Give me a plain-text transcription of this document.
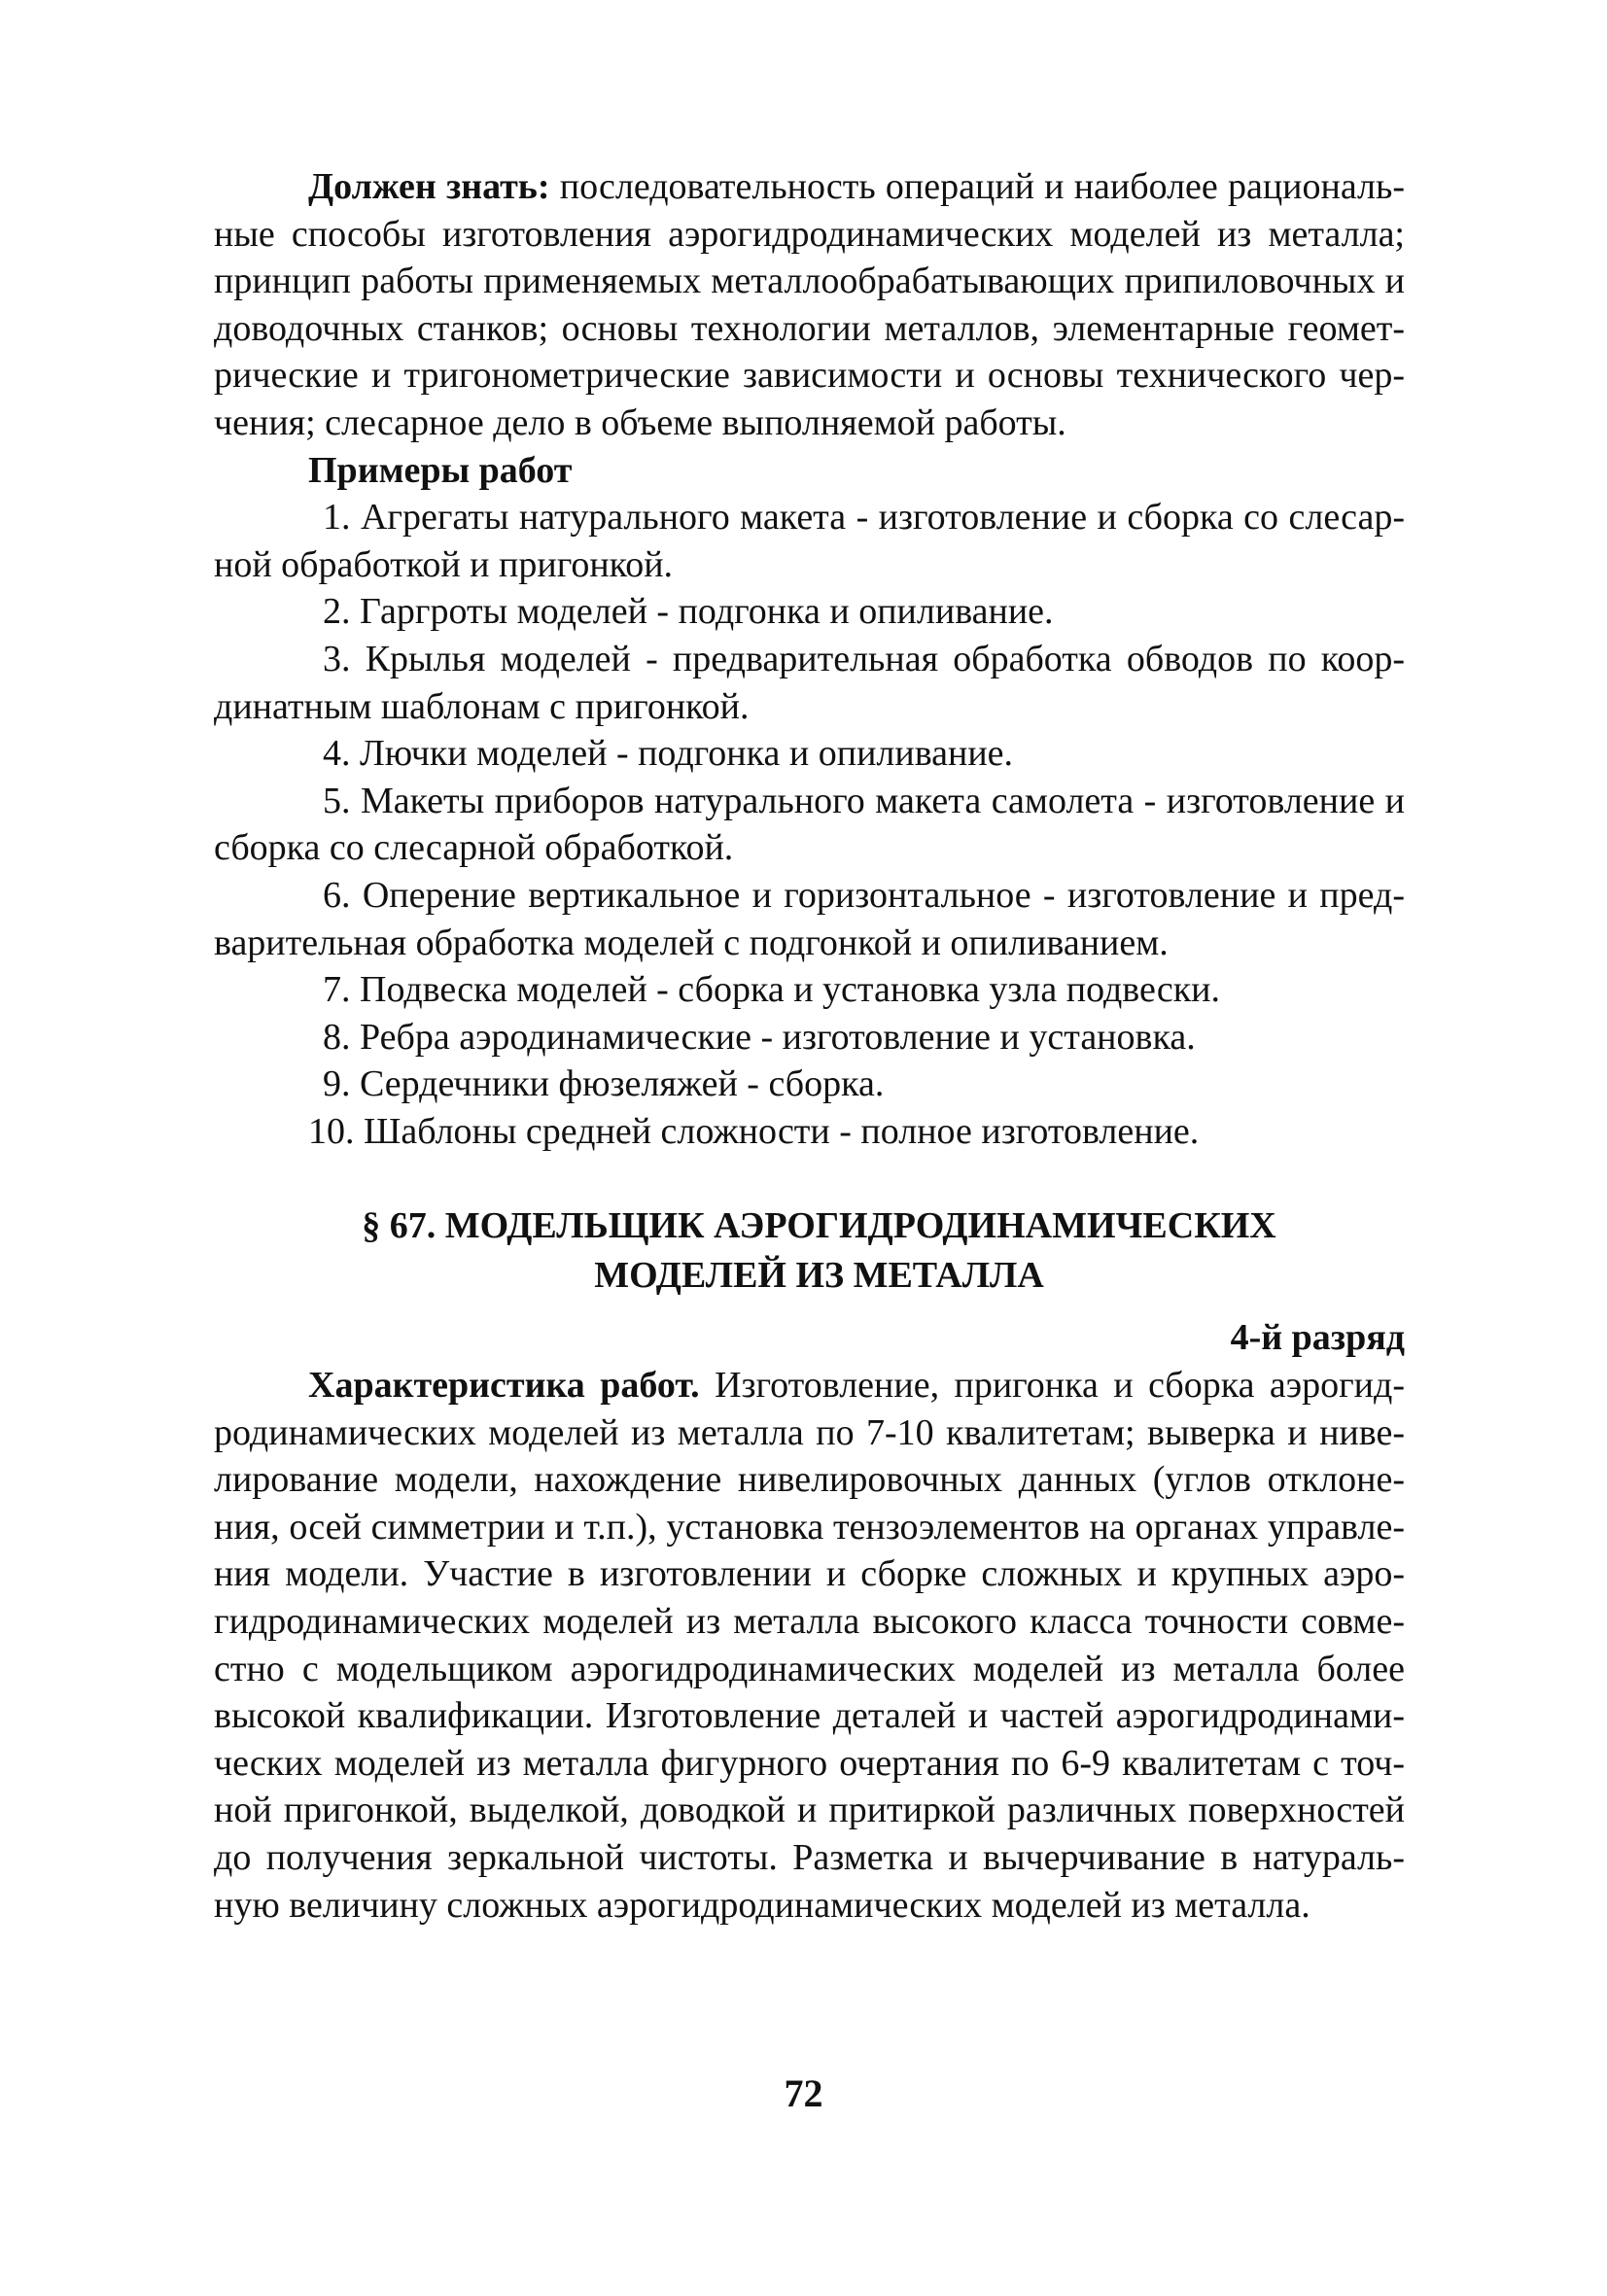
Должен знать: последовательность операций и наиболее рациональные способы изготовления аэрогидродинамических моделей из металла; принцип работы применяемых металлообрабатывающих припиловочных и доводочных станков; основы технологии металлов, элементарные геометрические и тригонометрические зависимости и основы технического черчения; слесарное дело в объеме выполняемой работы.

Примеры работ

1. Агрегаты натурального макета - изготовление и сборка со слесарной обработкой и пригонкой.

2. Гаргроты моделей - подгонка и опиливание.

3. Крылья моделей - предварительная обработка обводов по координатным шаблонам с пригонкой.

4. Лючки моделей - подгонка и опиливание.

5. Макеты приборов натурального макета самолета - изготовление и сборка со слесарной обработкой.

6. Оперение вертикальное и горизонтальное - изготовление и предварительная обработка моделей с подгонкой и опиливанием.

7. Подвеска моделей - сборка и установка узла подвески.

8. Ребра аэродинамические - изготовление и установка.

9. Сердечники фюзеляжей - сборка.

10. Шаблоны средней сложности - полное изготовление.

§ 67. МОДЕЛЬЩИК АЭРОГИДРОДИНАМИЧЕСКИХ
МОДЕЛЕЙ ИЗ МЕТАЛЛА
4-й разряд

Характеристика работ. Изготовление, пригонка и сборка аэрогидродинамических моделей из металла по 7-10 квалитетам; выверка и нивелирование модели, нахождение нивелировочных данных (углов отклонения, осей симметрии и т.п.), установка тензоэлементов на органах управления модели. Участие в изготовлении и сборке сложных и крупных аэрогидродинамических моделей из металла высокого класса точности совместно с модельщиком аэрогидродинамических моделей из металла более высокой квалификации. Изготовление деталей и частей аэрогидродинамических моделей из металла фигурного очертания по 6-9 квалитетам с точной пригонкой, выделкой, доводкой и притиркой различных поверхностей до получения зеркальной чистоты. Разметка и вычерчивание в натуральную величину сложных аэрогидродинамических моделей из металла.

72
